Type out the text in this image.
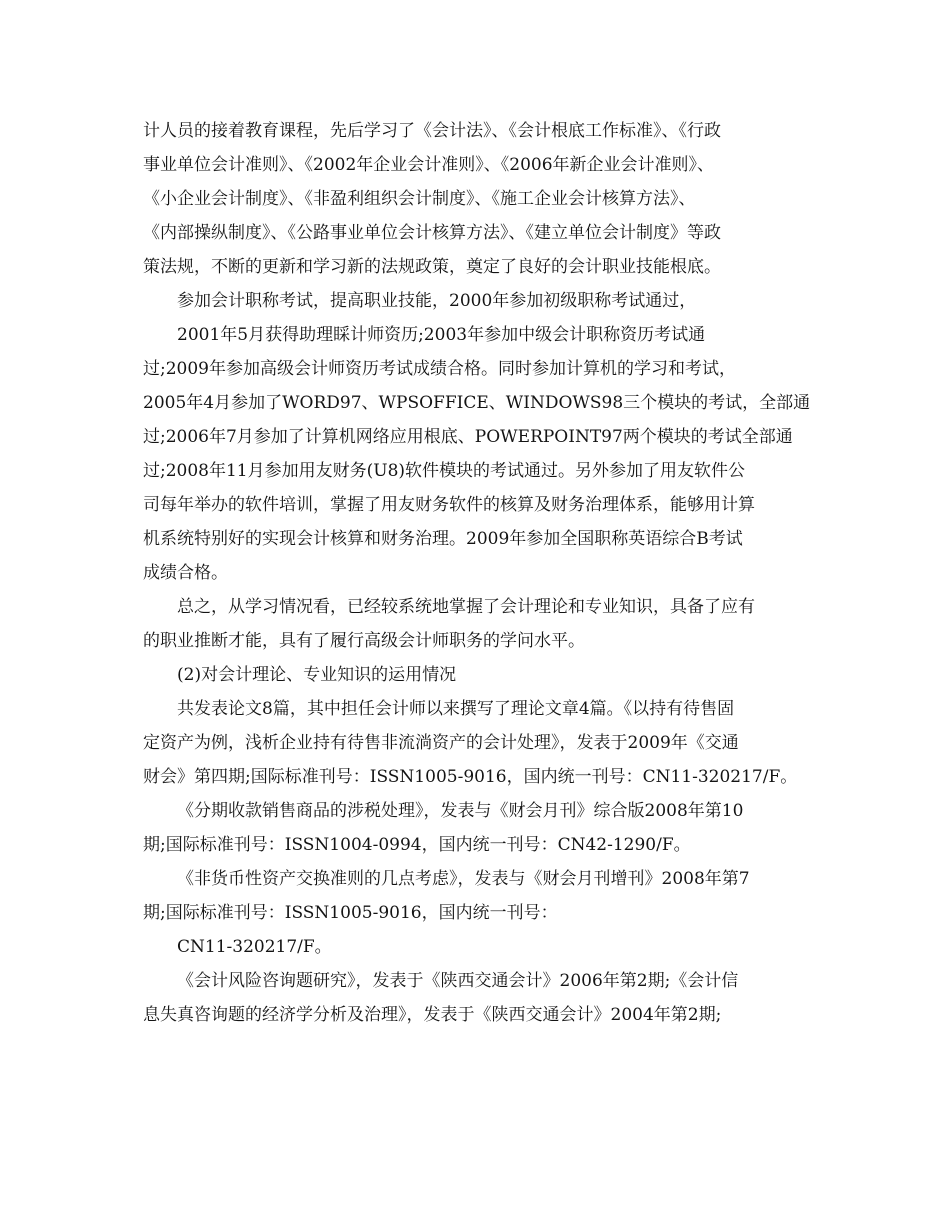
计人员的接着教育课程，先后学习了《会计法》、《会计根底工作标准》、《行政
事业单位会计准则》、《2002年企业会计准则》、《2006年新企业会计准则》、
《小企业会计制度》、《非盈利组织会计制度》、《施工企业会计核算方法》、
《内部操纵制度》、《公路事业单位会计核算方法》、《建立单位会计制度》等政
策法规，不断的更新和学习新的法规政策，奠定了良好的会计职业技能根底。
参加会计职称考试，提高职业技能，2000年参加初级职称考试通过，
2001年5月获得助理睬计师资历;2003年参加中级会计职称资历考试通
过;2009年参加高级会计师资历考试成绩合格。同时参加计算机的学习和考试，
2005年4月参加了WORD97、WPSOFFICE、WINDOWS98三个模块的考试，全部通
过;2006年7月参加了计算机网络应用根底、POWERPOINT97两个模块的考试全部通
过;2008年11月参加用友财务(U8)软件模块的考试通过。另外参加了用友软件公
司每年举办的软件培训，掌握了用友财务软件的核算及财务治理体系，能够用计算
机系统特别好的实现会计核算和财务治理。2009年参加全国职称英语综合B考试
成绩合格。
总之，从学习情况看，已经较系统地掌握了会计理论和专业知识，具备了应有
的职业推断才能，具有了履行高级会计师职务的学问水平。
(2)对会计理论、专业知识的运用情况
共发表论文8篇，其中担任会计师以来撰写了理论文章4篇。《以持有待售固
定资产为例，浅析企业持有待售非流淌资产的会计处理》，发表于2009年《交通
财会》第四期;国际标准刊号：ISSN1005-9016，国内统一刊号：CN11-320217/F。
《分期收款销售商品的涉税处理》，发表与《财会月刊》综合版2008年第10
期;国际标准刊号：ISSN1004-0994，国内统一刊号：CN42-1290/F。
《非货币性资产交换准则的几点考虑》，发表与《财会月刊增刊》2008年第7
期;国际标准刊号：ISSN1005-9016，国内统一刊号：
CN11-320217/F。
《会计风险咨询题研究》，发表于《陕西交通会计》2006年第2期;《会计信
息失真咨询题的经济学分析及治理》，发表于《陕西交通会计》2004年第2期;
